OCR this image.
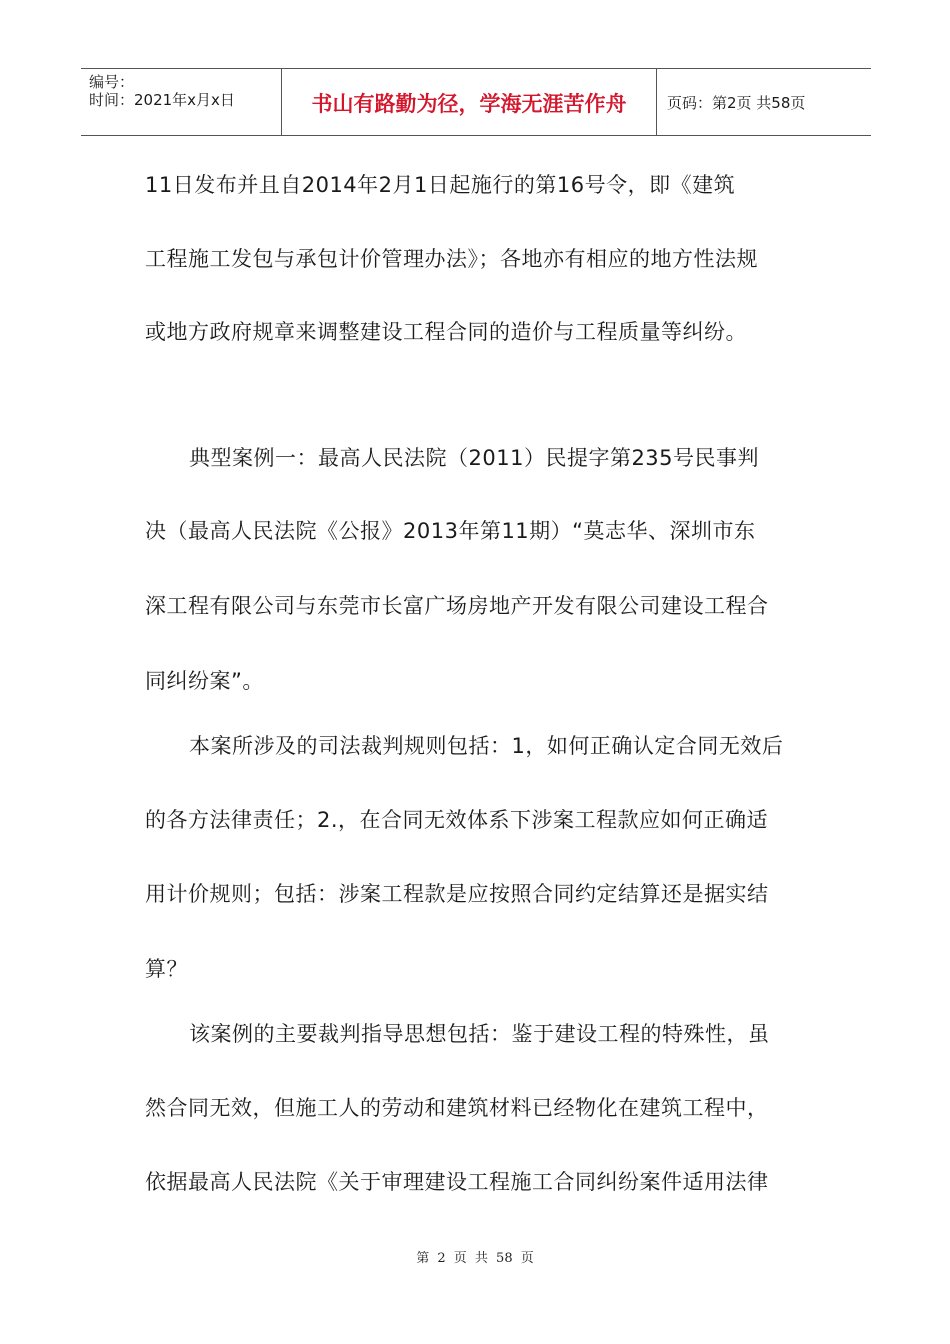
编号：
时间：2021年x月x日	书山有路勤为径，学海无涯苦作舟	页码：第2页 共58页
11日发布并且自2014年2月1日起施行的第16号令，即《建筑
工程施工发包与承包计价管理办法》；各地亦有相应的地方性法规
或地方政府规章来调整建设工程合同的造价与工程质量等纠纷。
典型案例一：最高人民法院（2011）民提字第235号民事判
决（最高人民法院《公报》2013年第11期）“莫志华、深圳市东
深工程有限公司与东莞市长富广场房地产开发有限公司建设工程合
同纠纷案”。
本案所涉及的司法裁判规则包括：1，如何正确认定合同无效后
的各方法律责任；2.，在合同无效体系下涉案工程款应如何正确适
用计价规则；包括：涉案工程款是应按照合同约定结算还是据实结
算？
该案例的主要裁判指导思想包括：鉴于建设工程的特殊性，虽
然合同无效，但施工人的劳动和建筑材料已经物化在建筑工程中，
依据最高人民法院《关于审理建设工程施工合同纠纷案件适用法律
第 2 页 共 58 页
